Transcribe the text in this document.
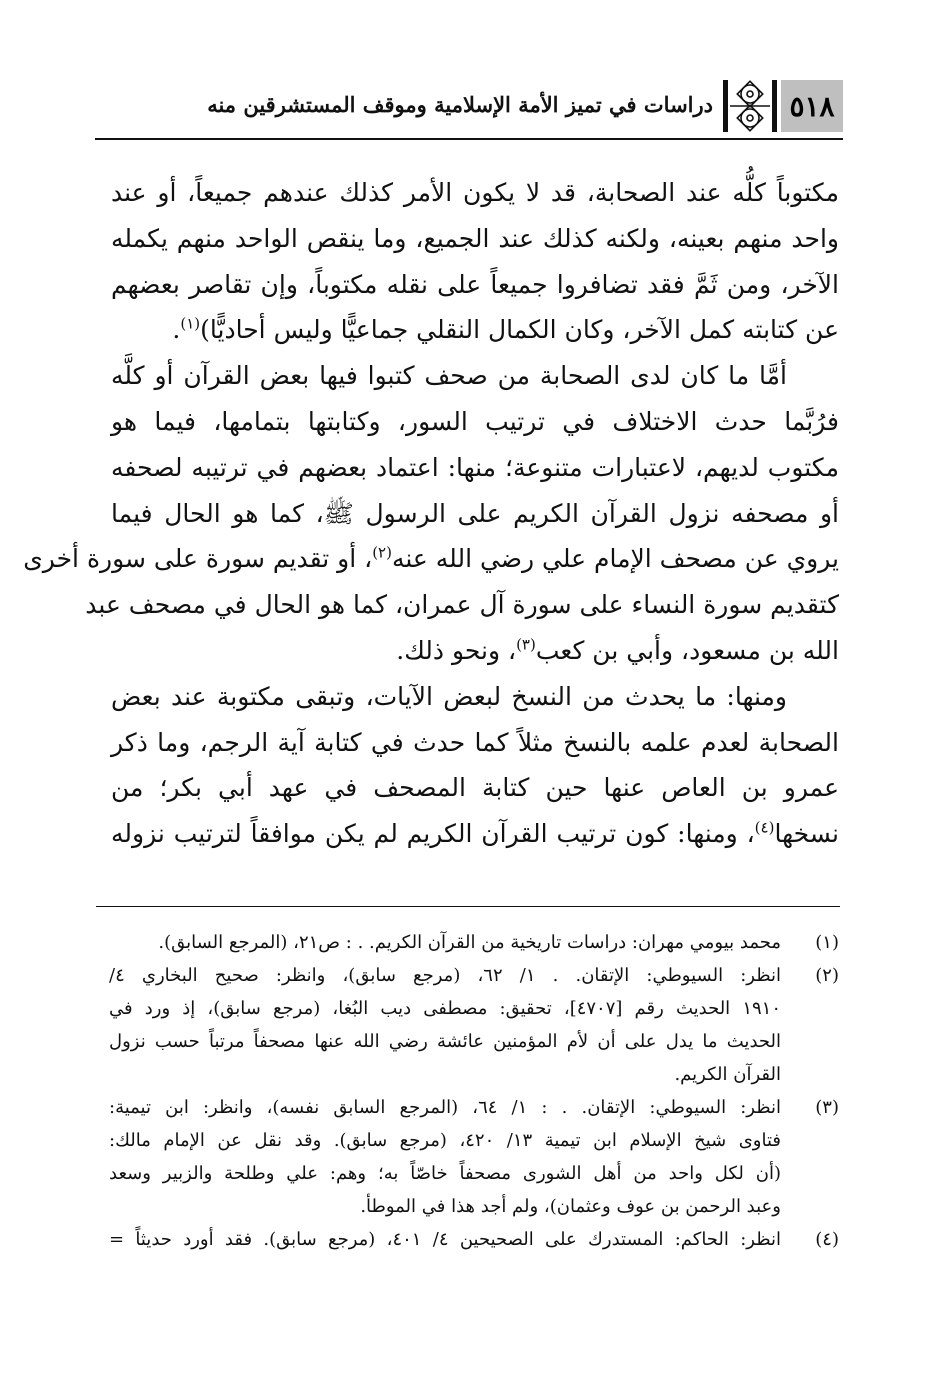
٥١٨
دراسات في تميز الأمة الإسلامية وموقف المستشرقين منه
مكتوباً كلُّه عند الصحابة، قد لا يكون الأمر كذلك عندهم جميعاً، أو عند
واحد منهم بعينه، ولكنه كذلك عند الجميع، وما ينقص الواحد منهم يكمله
الآخر، ومن ثَمَّ فقد تضافروا جميعاً على نقله مكتوباً، وإن تقاصر بعضهم
عن كتابته كمل الآخر، وكان الكمال النقلي جماعيًّا وليس أحاديًّا)$^{(١)}$.
أمَّا ما كان لدى الصحابة من صحف كتبوا فيها بعض القرآن أو كلَّه
فرُبَّما حدث الاختلاف في ترتيب السور، وكتابتها بتمامها، فيما هو
مكتوب لديهم، لاعتبارات متنوعة؛ منها: اعتماد بعضهم في ترتيبه لصحفه
أو مصحفه نزول القرآن الكريم على الرسول ﷺ، كما هو الحال فيما
يروي عن مصحف الإمام علي رضي الله عنه$^{(٢)}$، أو تقديم سورة على سورة أخرى
كتقديم سورة النساء على سورة آل عمران، كما هو الحال في مصحف عبد
الله بن مسعود، وأبي بن كعب$^{(٣)}$، ونحو ذلك.
ومنها: ما يحدث من النسخ لبعض الآيات، وتبقى مكتوبة عند بعض
الصحابة لعدم علمه بالنسخ مثلاً كما حدث في كتابة آية الرجم، وما ذكر
عمرو بن العاص عنها حين كتابة المصحف في عهد أبي بكر؛ من
نسخها$^{(٤)}$، ومنها: كون ترتيب القرآن الكريم لم يكن موافقاً لترتيب نزوله
(١)
محمد بيومي مهران: دراسات تاريخية من القرآن الكريم. . : ص٢١، (المرجع السابق).
(٢)
انظر: السيوطي: الإتقان. . ١/ ٦٢، (مرجع سابق)، وانظر: صحيح البخاري ٤/
١٩١٠ الحديث رقم [٤٧٠٧]، تحقيق: مصطفى ديب البُغا، (مرجع سابق)، إذ ورد في
الحديث ما يدل على أن لأم المؤمنين عائشة رضي الله عنها مصحفاً مرتباً حسب نزول
القرآن الكريم.
(٣)
انظر: السيوطي: الإتقان. . : ١/ ٦٤، (المرجع السابق نفسه)، وانظر: ابن تيمية:
فتاوى شيخ الإسلام ابن تيمية ١٣/ ٤٢٠، (مرجع سابق). وقد نقل عن الإمام مالك:
(أن لكل واحد من أهل الشورى مصحفاً خاصّاً به؛ وهم: علي وطلحة والزبير وسعد
وعبد الرحمن بن عوف وعثمان)، ولم أجد هذا في الموطأ.
(٤)
انظر: الحاكم: المستدرك على الصحيحين ٤/ ٤٠١، (مرجع سابق). فقد أورد حديثاً =
